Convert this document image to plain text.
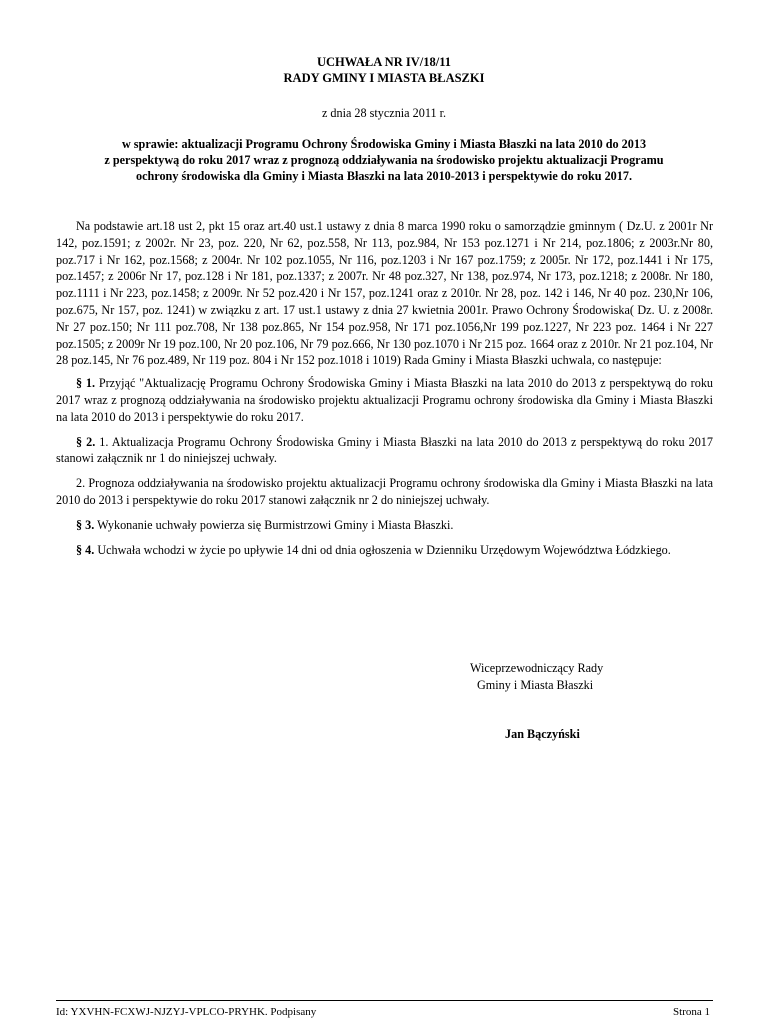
UCHWAŁA NR IV/18/11
RADY GMINY I MIASTA BŁASZKI
z dnia 28 stycznia 2011 r.
w sprawie: aktualizacji Programu Ochrony Środowiska Gminy i Miasta Błaszki na lata 2010 do 2013
z perspektywą do roku 2017 wraz z prognozą oddziaływania na środowisko projektu aktualizacji Programu
ochrony środowiska dla Gminy i Miasta Błaszki na lata 2010-2013 i perspektywie do roku 2017.

Na podstawie art.18 ust 2, pkt 15 oraz art.40 ust.1 ustawy z dnia 8 marca 1990 roku o samorządzie gminnym ( Dz.U. z 2001r Nr 142, poz.1591; z 2002r. Nr 23, poz. 220, Nr 62, poz.558, Nr 113, poz.984, Nr 153 poz.1271 i Nr 214, poz.1806; z 2003r.Nr 80, poz.717 i Nr 162, poz.1568; z 2004r. Nr 102 poz.1055, Nr 116, poz.1203 i Nr 167 poz.1759; z 2005r. Nr 172, poz.1441 i Nr 175, poz.1457; z 2006r Nr 17, poz.128 i Nr 181, poz.1337; z 2007r. Nr 48 poz.327, Nr 138, poz.974, Nr 173, poz.1218; z 2008r. Nr 180, poz.1111 i Nr 223, poz.1458; z 2009r. Nr 52 poz.420 i Nr 157, poz.1241 oraz z 2010r. Nr 28, poz. 142 i 146, Nr 40 poz. 230,Nr 106, poz.675, Nr 157, poz. 1241) w związku z art. 17 ust.1 ustawy z dnia 27 kwietnia 2001r. Prawo Ochrony Środowiska( Dz. U. z 2008r. Nr 27 poz.150; Nr 111 poz.708, Nr 138 poz.865, Nr 154 poz.958, Nr 171 poz.1056,Nr 199 poz.1227, Nr 223 poz. 1464 i Nr 227 poz.1505; z 2009r Nr 19 poz.100, Nr 20 poz.106, Nr 79 poz.666, Nr 130 poz.1070 i Nr 215 poz. 1664 oraz z 2010r. Nr 21 poz.104, Nr 28 poz.145, Nr 76 poz.489, Nr 119 poz. 804 i Nr 152 poz.1018 i 1019) Rada Gminy i Miasta Błaszki uchwala, co następuje:

§ 1. Przyjąć "Aktualizację Programu Ochrony Środowiska Gminy i Miasta Błaszki na lata 2010 do 2013 z perspektywą do roku 2017 wraz z prognozą oddziaływania na środowisko projektu aktualizacji Programu ochrony środowiska dla Gminy i Miasta Błaszki na lata 2010 do 2013 i perspektywie do roku 2017.

§ 2. 1. Aktualizacja Programu Ochrony Środowiska Gminy i Miasta Błaszki na lata 2010 do 2013 z perspektywą do roku 2017 stanowi załącznik nr 1 do niniejszej uchwały.

2. Prognoza oddziaływania na środowisko projektu aktualizacji Programu ochrony środowiska dla Gminy i Miasta Błaszki na lata 2010 do 2013 i perspektywie do roku 2017 stanowi załącznik nr 2 do niniejszej uchwały.

§ 3. Wykonanie uchwały powierza się Burmistrzowi Gminy i Miasta Błaszki.

§ 4. Uchwała wchodzi w życie po upływie 14 dni od dnia ogłoszenia w Dzienniku Urzędowym Województwa Łódzkiego.

Wiceprzewodniczący Rady
Gminy i Miasta Błaszki
Jan Bączyński
Id: YXVHN-FCXWJ-NJZYJ-VPLCO-PRYHK. Podpisany	Strona 1
